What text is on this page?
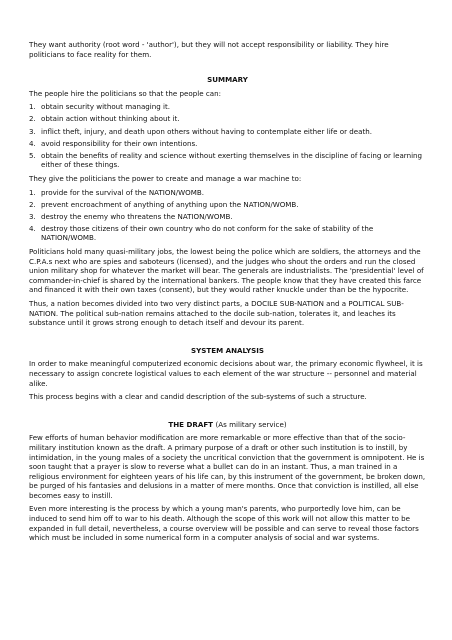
They want authority (root word - 'author'), but they will not accept responsibility or liability. They hire politicians to face reality for them.

SUMMARY

The people hire the politicians so that the people can:

1. obtain security without managing it.
2. obtain action without thinking about it.
3. inflict theft, injury, and death upon others without having to contemplate either life or death.
4. avoid responsibility for their own intentions.
5. obtain the benefits of reality and science without exerting themselves in the discipline of facing or learning either of these things.

They give the politicians the power to create and manage a war machine to:

1. provide for the survival of the NATION/WOMB.
2. prevent encroachment of anything of anything upon the NATION/WOMB.
3. destroy the enemy who threatens the NATION/WOMB.
4. destroy those citizens of their own country who do not conform for the sake of stability of the NATION/WOMB.

Politicians hold many quasi-military jobs, the lowest being the police which are soldiers, the attorneys and the C.P.A.s next who are spies and saboteurs (licensed), and the judges who shout the orders and run the closed union military shop for whatever the market will bear. The generals are industrialists. The 'presidential' level of commander-in-chief is shared by the international bankers. The people know that they have created this farce and financed it with their own taxes (consent), but they would rather knuckle under than be the hypocrite.

Thus, a nation becomes divided into two very distinct parts, a DOCILE SUB-NATION and a POLITICAL SUB-NATION. The political sub-nation remains attached to the docile sub-nation, tolerates it, and leaches its substance until it grows strong enough to detach itself and devour its parent.

SYSTEM ANALYSIS

In order to make meaningful computerized economic decisions about war, the primary economic flywheel, it is necessary to assign concrete logistical values to each element of the war structure -- personnel and material alike.

This process begins with a clear and candid description of the sub-systems of such a structure.

THE DRAFT (As military service)

Few efforts of human behavior modification are more remarkable or more effective than that of the socio-military institution known as the draft. A primary purpose of a draft or other such institution is to instill, by intimidation, in the young males of a society the uncritical conviction that the government is omnipotent. He is soon taught that a prayer is slow to reverse what a bullet can do in an instant. Thus, a man trained in a religious environment for eighteen years of his life can, by this instrument of the government, be broken down, be purged of his fantasies and delusions in a matter of mere months. Once that conviction is instilled, all else becomes easy to instill.

Even more interesting is the process by which a young man's parents, who purportedly love him, can be induced to send him off to war to his death. Although the scope of this work will not allow this matter to be expanded in full detail, nevertheless, a course overview will be possible and can serve to reveal those factors which must be included in some numerical form in a computer analysis of social and war systems.
